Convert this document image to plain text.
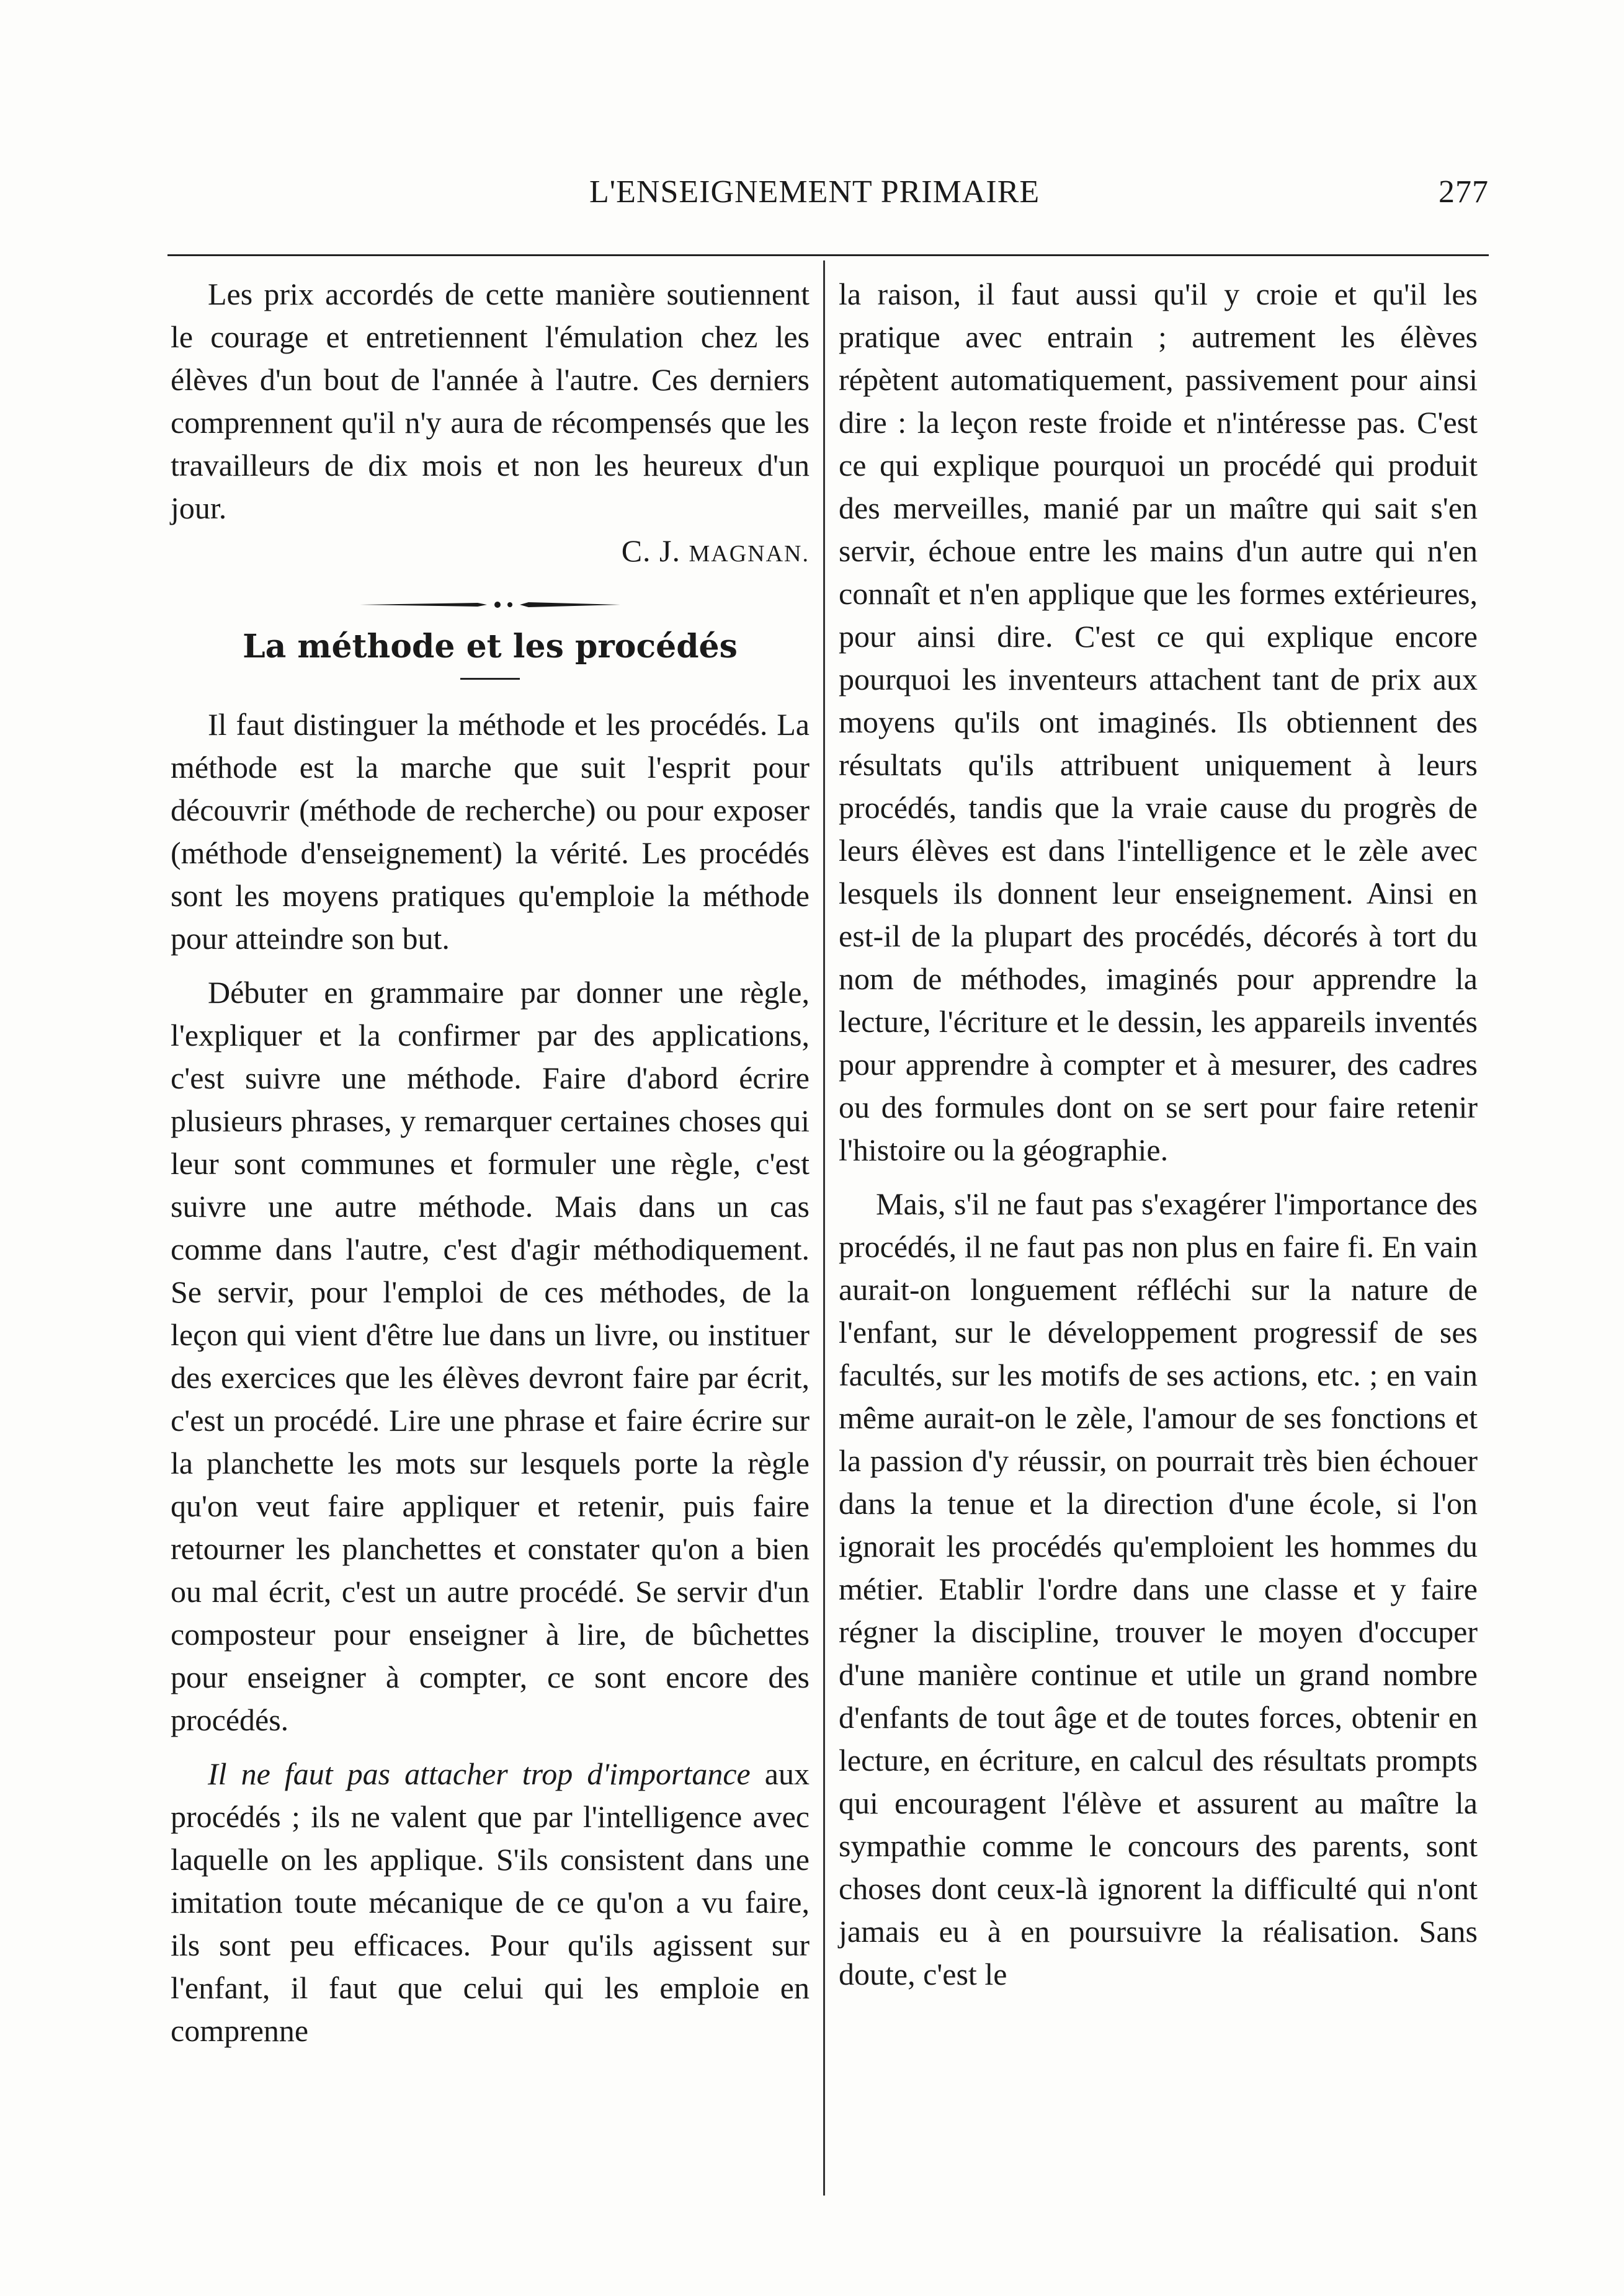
L'ENSEIGNEMENT PRIMAIRE	277

Les prix accordés de cette manière soutiennent le courage et entretiennent l'émulation chez les élèves d'un bout de l'année à l'autre. Ces derniers comprennent qu'il n'y aura de récompensés que les travailleurs de dix mois et non les heureux d'un jour.

C. J. MAGNAN.

La méthode et les procédés

Il faut distinguer la méthode et les procédés. La méthode est la marche que suit l'esprit pour découvrir (méthode de recherche) ou pour exposer (méthode d'enseignement) la vérité. Les procédés sont les moyens pratiques qu'emploie la méthode pour atteindre son but.

Débuter en grammaire par donner une règle, l'expliquer et la confirmer par des applications, c'est suivre une méthode. Faire d'abord écrire plusieurs phrases, y remarquer certaines choses qui leur sont communes et formuler une règle, c'est suivre une autre méthode. Mais dans un cas comme dans l'autre, c'est d'agir méthodiquement. Se servir, pour l'emploi de ces méthodes, de la leçon qui vient d'être lue dans un livre, ou instituer des exercices que les élèves devront faire par écrit, c'est un procédé. Lire une phrase et faire écrire sur la planchette les mots sur lesquels porte la règle qu'on veut faire appliquer et retenir, puis faire retourner les planchettes et constater qu'on a bien ou mal écrit, c'est un autre procédé. Se servir d'un composteur pour enseigner à lire, de bûchettes pour enseigner à compter, ce sont encore des procédés.

Il ne faut pas attacher trop d'importance aux procédés ; ils ne valent que par l'intelligence avec laquelle on les applique. S'ils consistent dans une imitation toute mécanique de ce qu'on a vu faire, ils sont peu efficaces. Pour qu'ils agissent sur l'enfant, il faut que celui qui les emploie en comprenne

la raison, il faut aussi qu'il y croie et qu'il les pratique avec entrain ; autrement les élèves répètent automatiquement, passivement pour ainsi dire : la leçon reste froide et n'intéresse pas. C'est ce qui explique pourquoi un procédé qui produit des merveilles, manié par un maître qui sait s'en servir, échoue entre les mains d'un autre qui n'en connaît et n'en applique que les formes extérieures, pour ainsi dire. C'est ce qui explique encore pourquoi les inventeurs attachent tant de prix aux moyens qu'ils ont imaginés. Ils obtiennent des résultats qu'ils attribuent uniquement à leurs procédés, tandis que la vraie cause du progrès de leurs élèves est dans l'intelligence et le zèle avec lesquels ils donnent leur enseignement. Ainsi en est-il de la plupart des procédés, décorés à tort du nom de méthodes, imaginés pour apprendre la lecture, l'écriture et le dessin, les appareils inventés pour apprendre à compter et à mesurer, des cadres ou des formules dont on se sert pour faire retenir l'histoire ou la géographie.

Mais, s'il ne faut pas s'exagérer l'importance des procédés, il ne faut pas non plus en faire fi. En vain aurait-on longuement réfléchi sur la nature de l'enfant, sur le développement progressif de ses facultés, sur les motifs de ses actions, etc. ; en vain même aurait-on le zèle, l'amour de ses fonctions et la passion d'y réussir, on pourrait très bien échouer dans la tenue et la direction d'une école, si l'on ignorait les procédés qu'emploient les hommes du métier. Etablir l'ordre dans une classe et y faire régner la discipline, trouver le moyen d'occuper d'une manière continue et utile un grand nombre d'enfants de tout âge et de toutes forces, obtenir en lecture, en écriture, en calcul des résultats prompts qui encouragent l'élève et assurent au maître la sympathie comme le concours des parents, sont choses dont ceux-là ignorent la difficulté qui n'ont jamais eu à en poursuivre la réalisation. Sans doute, c'est le
